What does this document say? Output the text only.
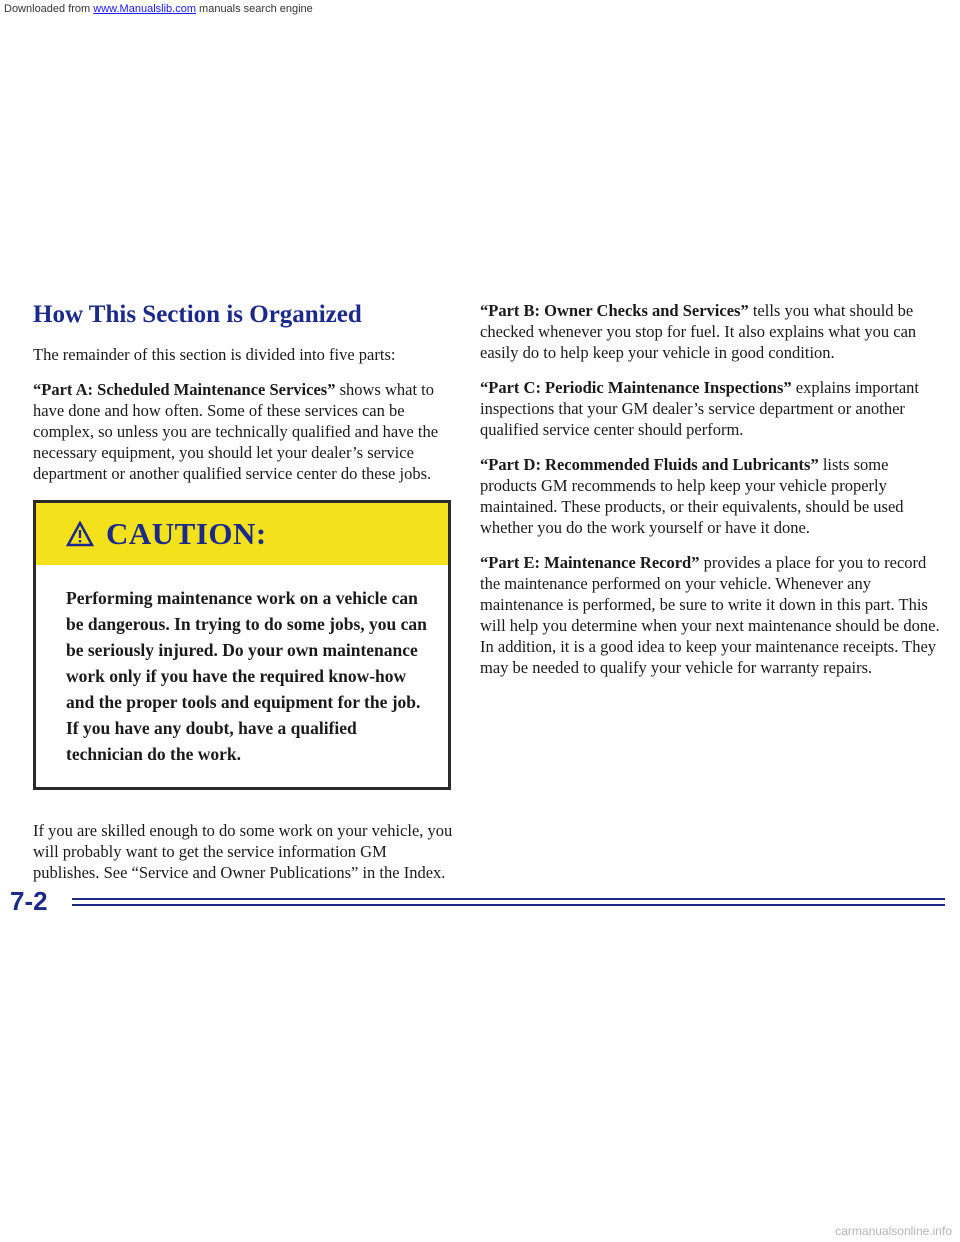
Downloaded from www.Manualslib.com manuals search engine
How This Section is Organized

The remainder of this section is divided into five parts:

“Part A: Scheduled Maintenance Services” shows what to have done and how often. Some of these services can be complex, so unless you are technically qualified and have the necessary equipment, you should let your dealer’s service department or another qualified service center do these jobs.

CAUTION:
Performing maintenance work on a vehicle can be dangerous. In trying to do some jobs, you can be seriously injured. Do your own maintenance work only if you have the required know-how and the proper tools and equipment for the job. If you have any doubt, have a qualified technician do the work.

If you are skilled enough to do some work on your vehicle, you will probably want to get the service information GM publishes. See “Service and Owner Publications” in the Index.

“Part B: Owner Checks and Services” tells you what should be checked whenever you stop for fuel. It also explains what you can easily do to help keep your vehicle in good condition.

“Part C: Periodic Maintenance Inspections” explains important inspections that your GM dealer’s service department or another qualified service center should perform.

“Part D: Recommended Fluids and Lubricants” lists some products GM recommends to help keep your vehicle properly maintained. These products, or their equivalents, should be used whether you do the work yourself or have it done.

“Part E: Maintenance Record” provides a place for you to record the maintenance performed on your vehicle. Whenever any maintenance is performed, be sure to write it down in this part. This will help you determine when your next maintenance should be done. In addition, it is a good idea to keep your maintenance receipts. They may be needed to qualify your vehicle for warranty repairs.

7-2
carmanualsonline.info
